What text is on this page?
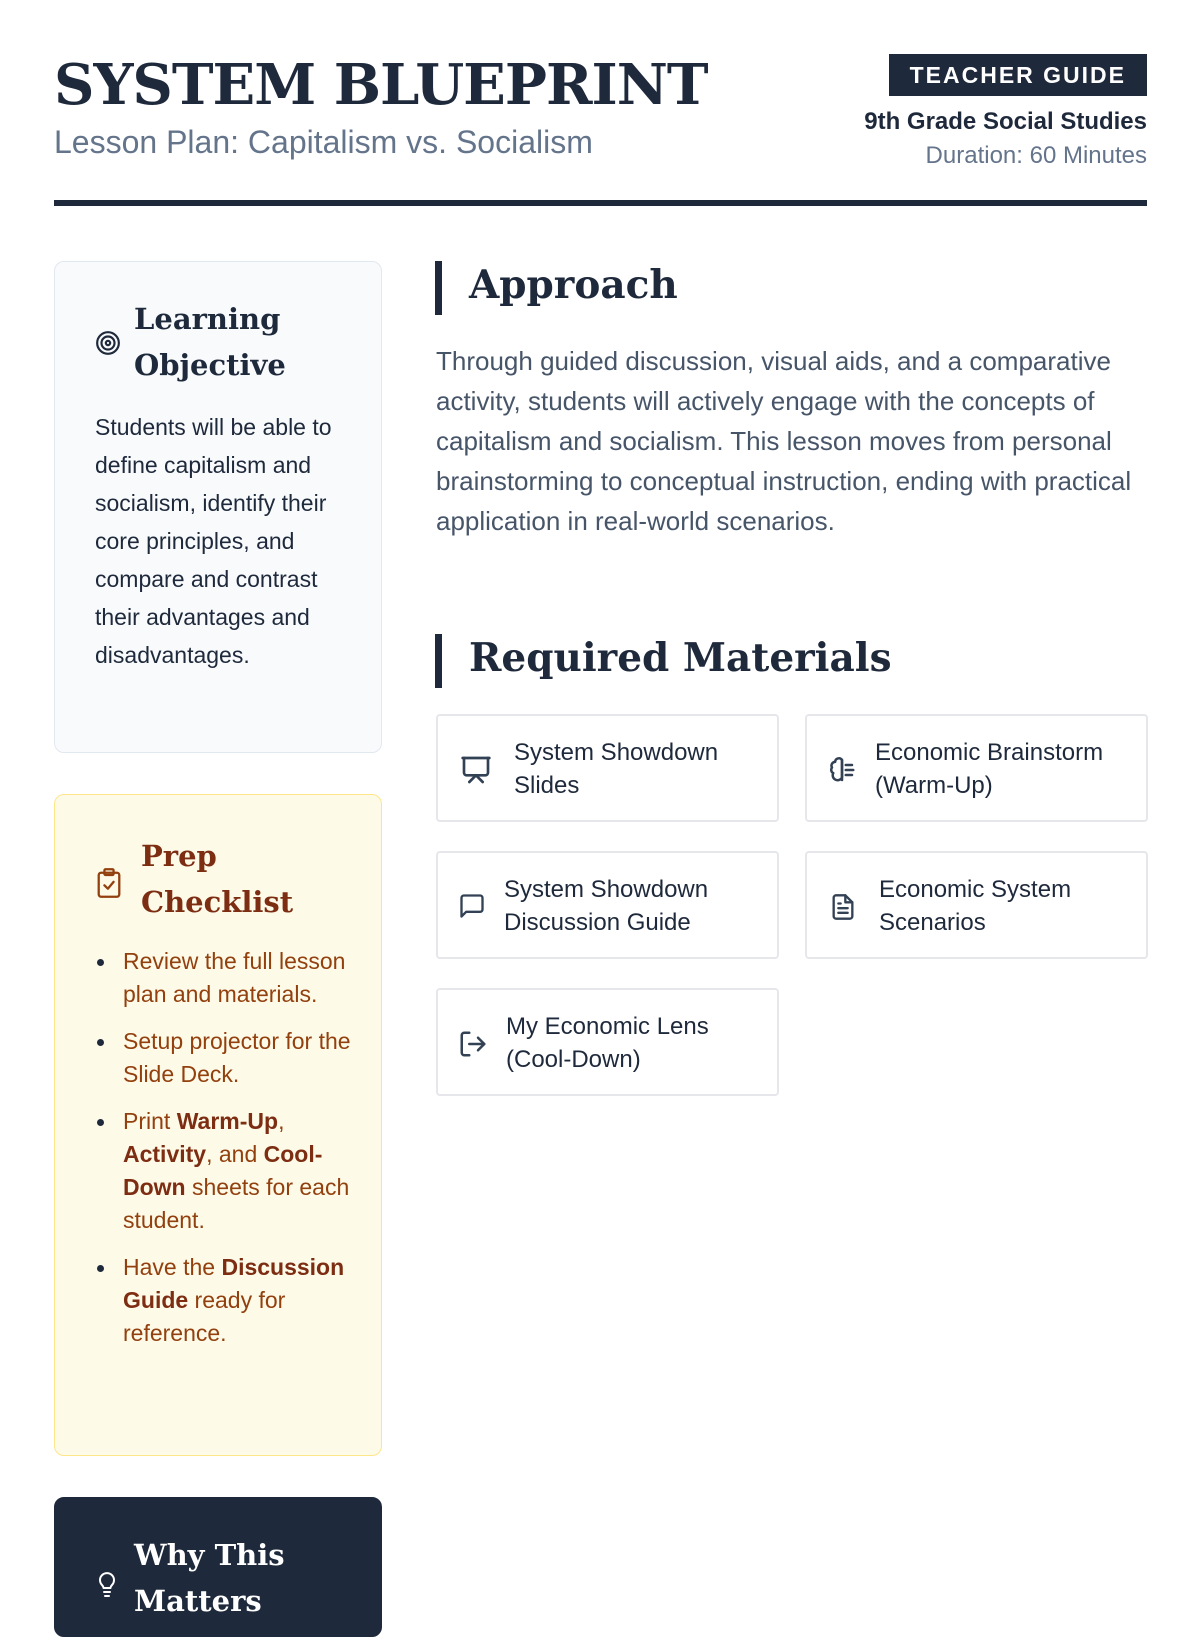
SYSTEM BLUEPRINT
Lesson Plan: Capitalism vs. Socialism
TEACHER GUIDE
9th Grade Social Studies
Duration: 60 Minutes
Learning Objective

Students will be able to define capitalism and socialism, identify their core principles, and compare and contrast their advantages and disadvantages.

Prep Checklist
Review the full lesson plan and materials.
Setup projector for the Slide Deck.
Print Warm-Up, Activity, and Cool-Down sheets for each student.
Have the Discussion Guide ready for reference.
Why This Matters
Approach

Through guided discussion, visual aids, and a comparative activity, students will actively engage with the concepts of capitalism and socialism. This lesson moves from personal brainstorming to conceptual instruction, ending with practical application in real-world scenarios.

Required Materials
System Showdown Slides
Economic Brainstorm (Warm-Up)
System Showdown Discussion Guide
Economic System Scenarios
My Economic Lens (Cool-Down)
